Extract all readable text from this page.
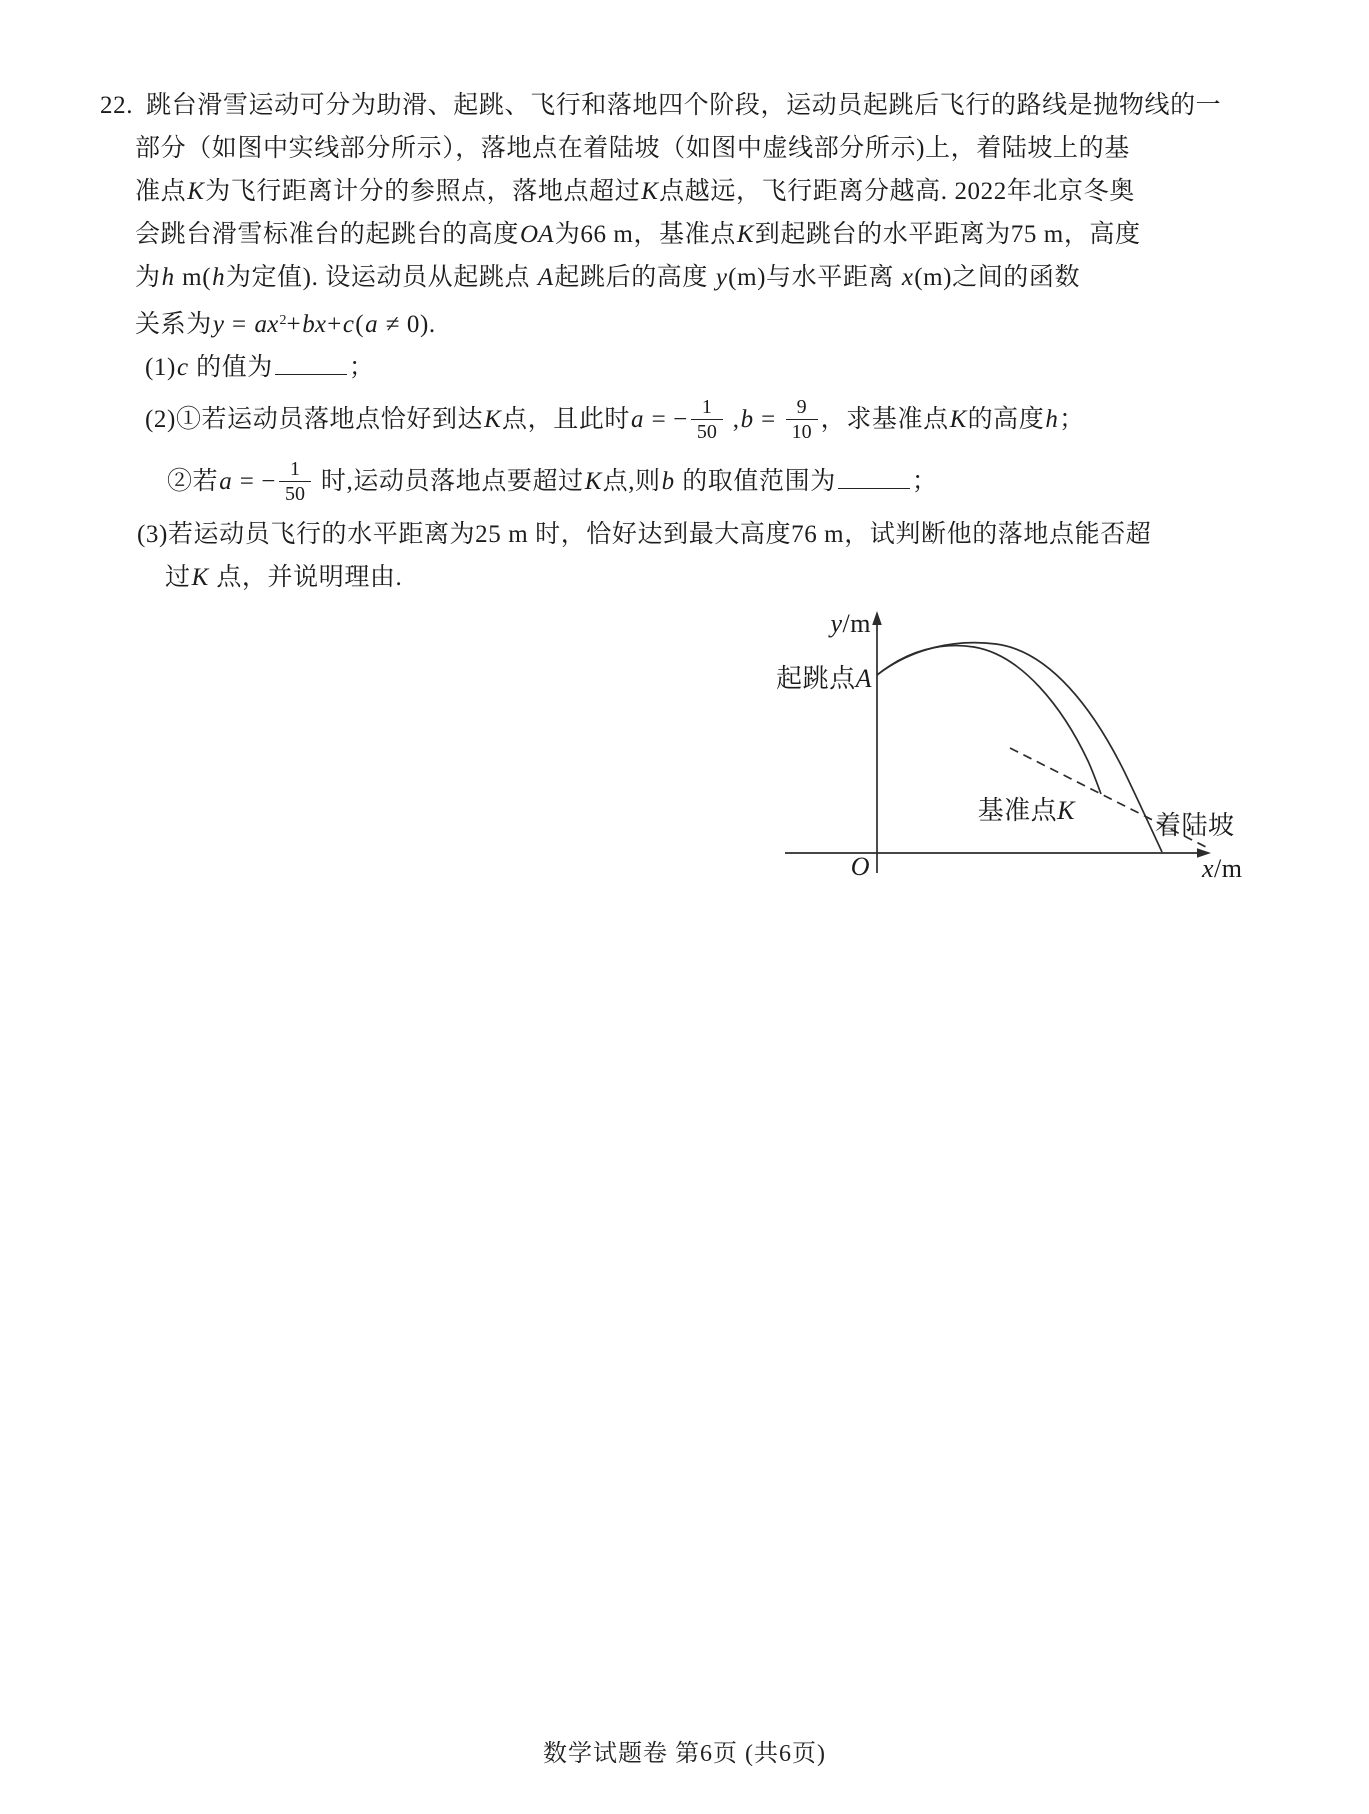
22. 跳台滑雪运动可分为助滑、起跳、飞行和落地四个阶段，运动员起跳后飞行的路线是抛物线的一
部分（如图中实线部分所示），落地点在着陆坡（如图中虚线部分所示)上，着陆坡上的基
准点K为飞行距离计分的参照点，落地点超过K点越远，飞行距离分越高. 2022年北京冬奥
会跳台滑雪标准台的起跳台的高度OA为66 m，基准点K到起跳台的水平距离为75 m，高度
为h m(h为定值). 设运动员从起跳点 A起跳后的高度 y(m)与水平距离 x(m)之间的函数
关系为$y = ax^2+bx+c(a \ne 0)$.
(1)c 的值为	；
(2)①若运动员落地点恰好到达K点，且此时a = − $\frac{1}{50} ,b = \frac{9}{10}$ ，求基准点K的高度h；
②若a = − $\frac{1}{50}$ 时,运动员落地点要超过K点,则b 的取值范围为	；
(3)若运动员飞行的水平距离为25 m 时，恰好达到最大高度76 m，试判断他的落地点能否超
过K 点，并说明理由.
y/m
起跳点A
基准点K
着陆坡
O	x/m
数学试题卷 第6页 (共6页)
